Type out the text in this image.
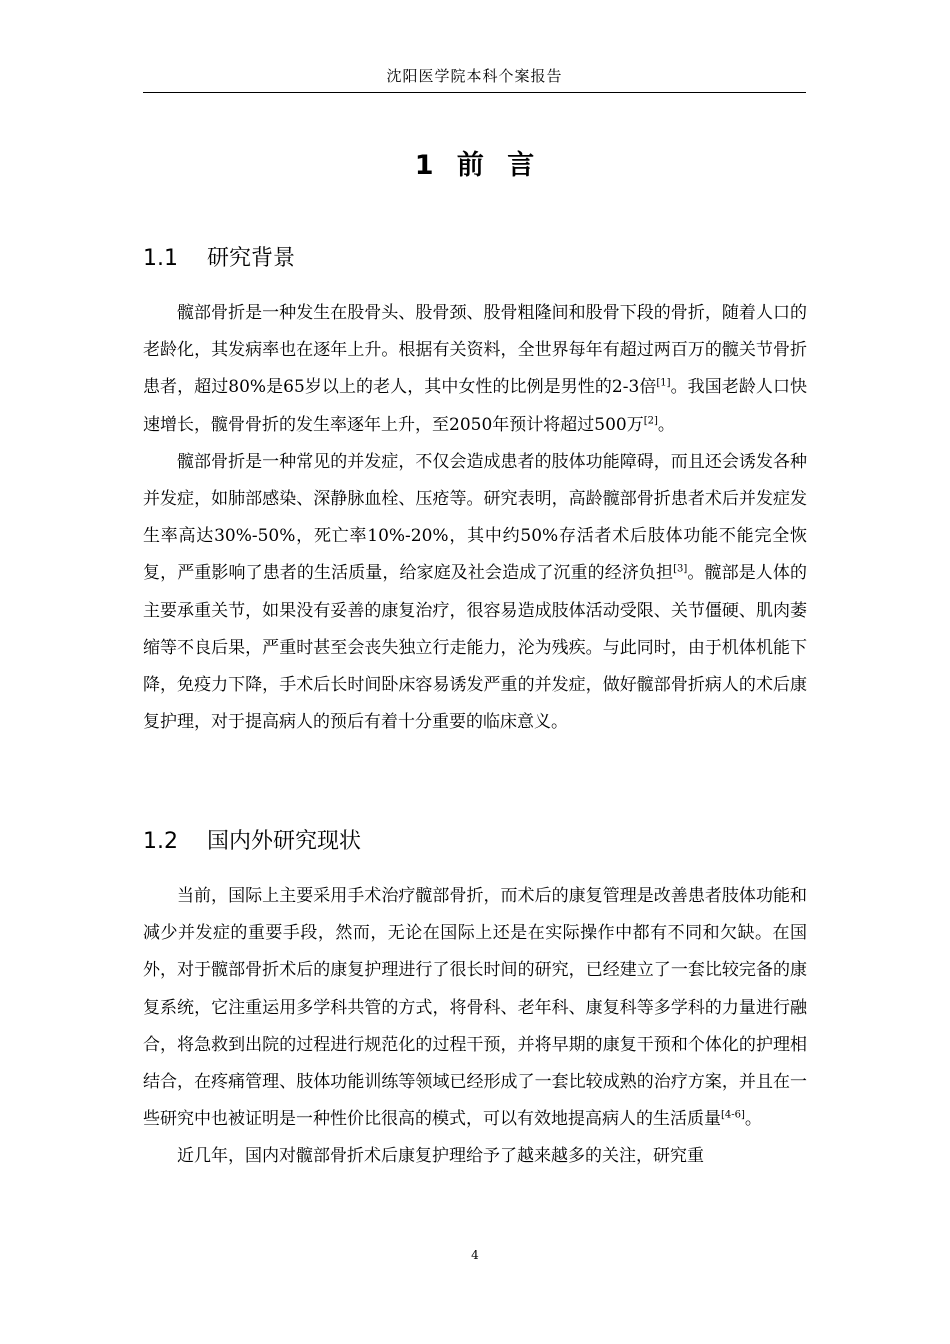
沈阳医学院本科个案报告
1 前 言
1.1 研究背景

髋部骨折是一种发生在股骨头、股骨颈、股骨粗隆间和股骨下段的骨折，随着人口的老龄化，其发病率也在逐年上升。根据有关资料，全世界每年有超过两百万的髋关节骨折患者，超过80%是65岁以上的老人，其中女性的比例是男性的2-3倍[1]。我国老龄人口快速增长，髋骨骨折的发生率逐年上升，至2050年预计将超过500万[2]。

髋部骨折是一种常见的并发症，不仅会造成患者的肢体功能障碍，而且还会诱发各种并发症，如肺部感染、深静脉血栓、压疮等。研究表明，高龄髋部骨折患者术后并发症发生率高达30%-50%，死亡率10%-20%，其中约50%存活者术后肢体功能不能完全恢复，严重影响了患者的生活质量，给家庭及社会造成了沉重的经济负担[3]。髋部是人体的主要承重关节，如果没有妥善的康复治疗，很容易造成肢体活动受限、关节僵硬、肌肉萎缩等不良后果，严重时甚至会丧失独立行走能力，沦为残疾。与此同时，由于机体机能下降，免疫力下降，手术后长时间卧床容易诱发严重的并发症，做好髋部骨折病人的术后康复护理，对于提高病人的预后有着十分重要的临床意义。

1.2 国内外研究现状

当前，国际上主要采用手术治疗髋部骨折，而术后的康复管理是改善患者肢体功能和减少并发症的重要手段，然而，无论在国际上还是在实际操作中都有不同和欠缺。在国外，对于髋部骨折术后的康复护理进行了很长时间的研究，已经建立了一套比较完备的康复系统，它注重运用多学科共管的方式，将骨科、老年科、康复科等多学科的力量进行融合，将急救到出院的过程进行规范化的过程干预，并将早期的康复干预和个体化的护理相结合，在疼痛管理、肢体功能训练等领域已经形成了一套比较成熟的治疗方案，并且在一些研究中也被证明是一种性价比很高的模式，可以有效地提高病人的生活质量[4-6]。

近几年，国内对髋部骨折术后康复护理给予了越来越多的关注，研究重

4
